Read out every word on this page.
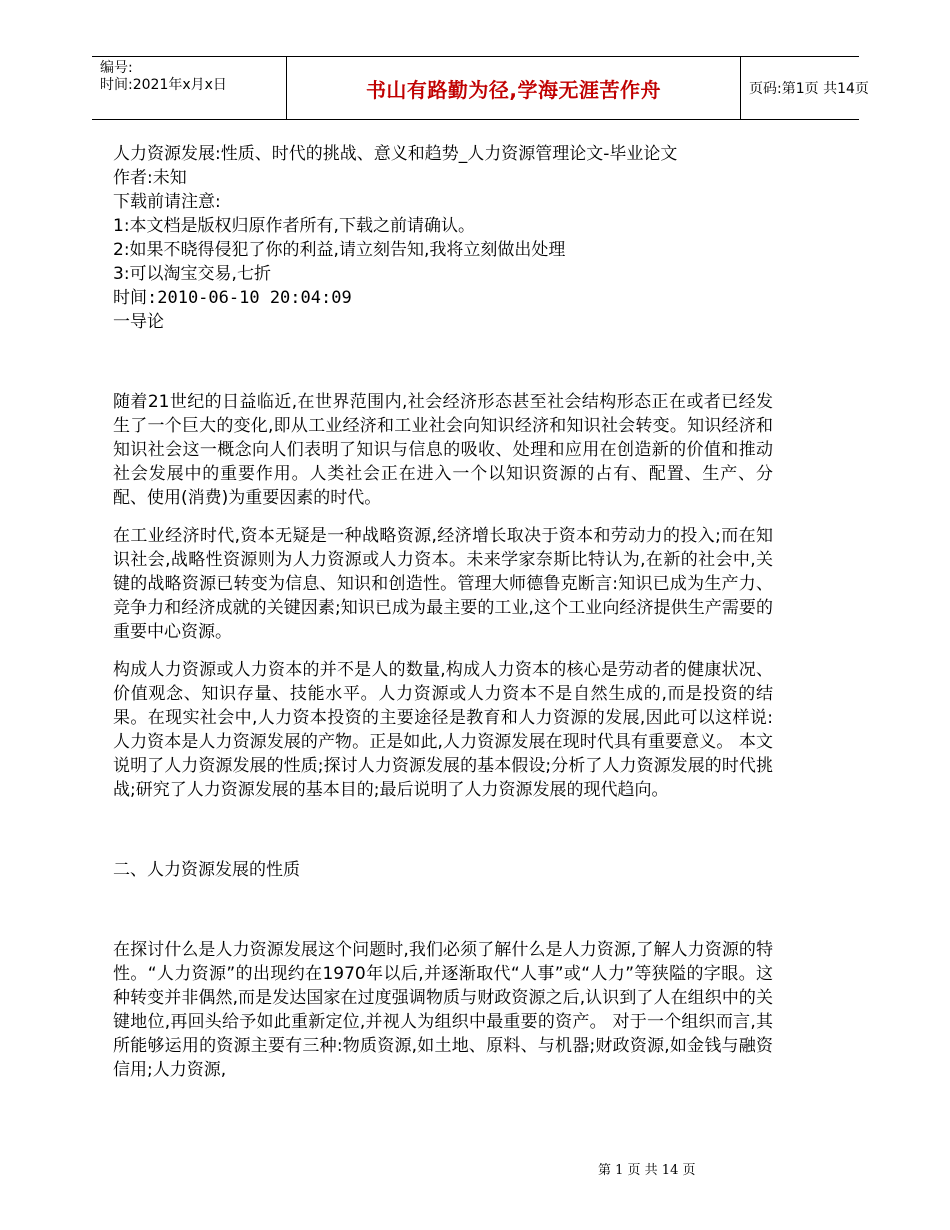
编号:
时间:2021年x月x日	书山有路勤为径,学海无涯苦作舟	页码:第1页 共14页
人力资源发展:性质、时代的挑战、意义和趋势_人力资源管理论文-毕业论文
作者:未知
下载前请注意:
1:本文档是版权归原作者所有,下载之前请确认。
2:如果不晓得侵犯了你的利益,请立刻告知,我将立刻做出处理
3:可以淘宝交易,七折
时间:2010-06-10 20:04:09
一导论
随着21世纪的日益临近,在世界范围内,社会经济形态甚至社会结构形态正在或者已经发生了一个巨大的变化,即从工业经济和工业社会向知识经济和知识社会转变。知识经济和知识社会这一概念向人们表明了知识与信息的吸收、处理和应用在创造新的价值和推动社会发展中的重要作用。人类社会正在进入一个以知识资源的占有、配置、生产、分配、使用(消费)为重要因素的时代。
在工业经济时代,资本无疑是一种战略资源,经济增长取决于资本和劳动力的投入;而在知识社会,战略性资源则为人力资源或人力资本。未来学家奈斯比特认为,在新的社会中,关键的战略资源已转变为信息、知识和创造性。管理大师德鲁克断言:知识已成为生产力、竞争力和经济成就的关键因素;知识已成为最主要的工业,这个工业向经济提供生产需要的重要中心资源。
构成人力资源或人力资本的并不是人的数量,构成人力资本的核心是劳动者的健康状况、价值观念、知识存量、技能水平。人力资源或人力资本不是自然生成的,而是投资的结果。在现实社会中,人力资本投资的主要途径是教育和人力资源的发展,因此可以这样说:人力资本是人力资源发展的产物。正是如此,人力资源发展在现时代具有重要意义。 本文说明了人力资源发展的性质;探讨人力资源发展的基本假设;分析了人力资源发展的时代挑战;研究了人力资源发展的基本目的;最后说明了人力资源发展的现代趋向。
二、人力资源发展的性质
在探讨什么是人力资源发展这个问题时,我们必须了解什么是人力资源,了解人力资源的特性。“人力资源”的出现约在1970年以后,并逐渐取代“人事”或“人力”等狭隘的字眼。这种转变并非偶然,而是发达国家在过度强调物质与财政资源之后,认识到了人在组织中的关键地位,再回头给予如此重新定位,并视人为组织中最重要的资产。 对于一个组织而言,其所能够运用的资源主要有三种:物质资源,如土地、原料、与机器;财政资源,如金钱与融资信用;人力资源,
第 1 页 共 14 页
